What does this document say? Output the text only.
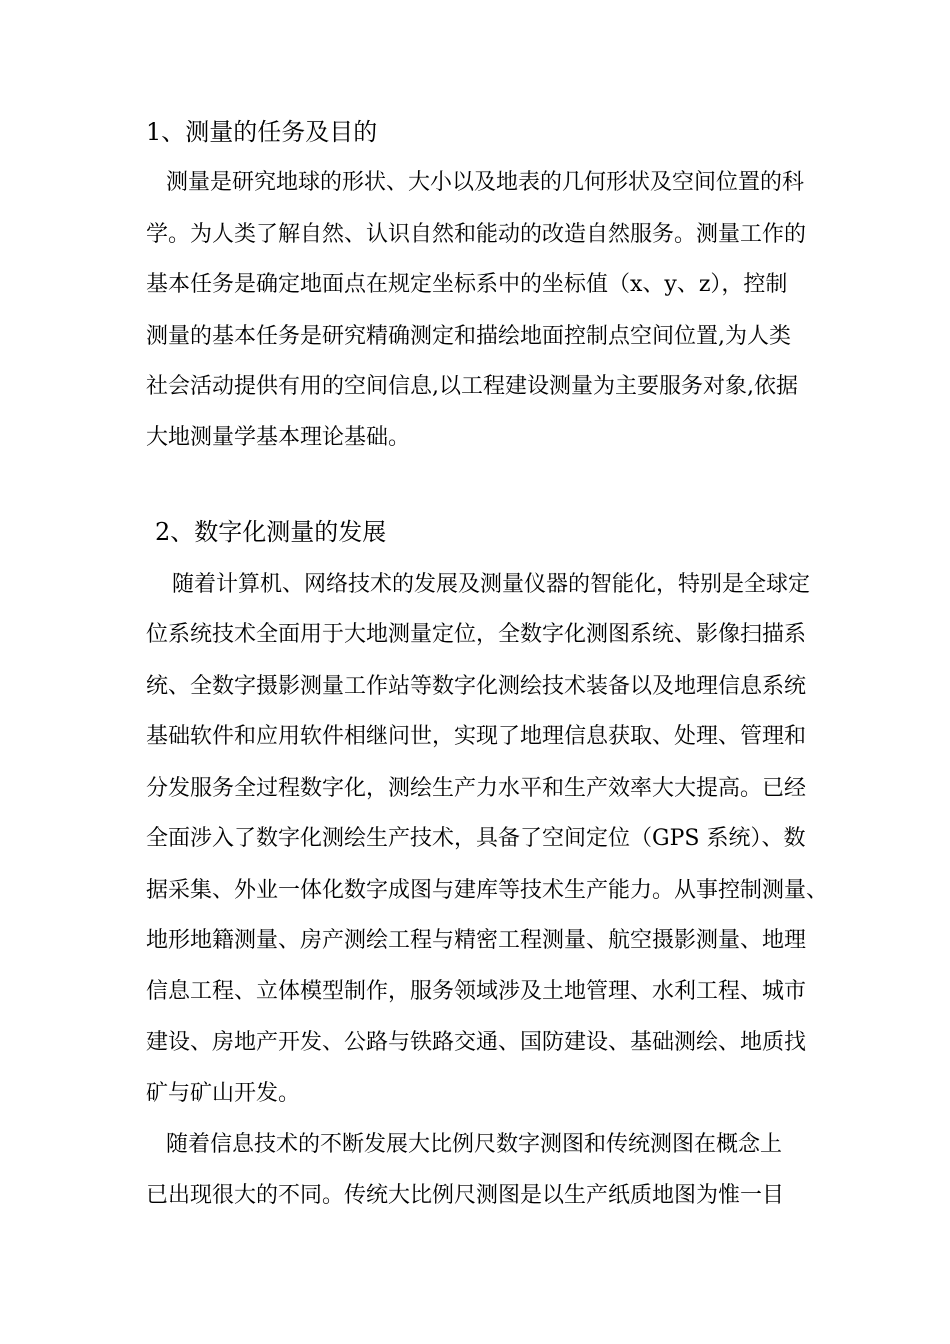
1、测量的任务及目的
测量是研究地球的形状、大小以及地表的几何形状及空间位置的科
学。为人类了解自然、认识自然和能动的改造自然服务。测量工作的
基本任务是确定地面点在规定坐标系中的坐标值（x、y、z），控制
测量的基本任务是研究精确测定和描绘地面控制点空间位置,为人类
社会活动提供有用的空间信息,以工程建设测量为主要服务对象,依据
大地测量学基本理论基础。
2、数字化测量的发展
随着计算机、网络技术的发展及测量仪器的智能化，特别是全球定
位系统技术全面用于大地测量定位，全数字化测图系统、影像扫描系
统、全数字摄影测量工作站等数字化测绘技术装备以及地理信息系统
基础软件和应用软件相继问世，实现了地理信息获取、处理、管理和
分发服务全过程数字化，测绘生产力水平和生产效率大大提高。已经
全面涉入了数字化测绘生产技术，具备了空间定位（GPS 系统）、数
据采集、外业一体化数字成图与建库等技术生产能力。从事控制测量、
地形地籍测量、房产测绘工程与精密工程测量、航空摄影测量、地理
信息工程、立体模型制作，服务领域涉及土地管理、水利工程、城市
建设、房地产开发、公路与铁路交通、国防建设、基础测绘、地质找
矿与矿山开发。
随着信息技术的不断发展大比例尺数字测图和传统测图在概念上
已出现很大的不同。传统大比例尺测图是以生产纸质地图为惟一目
